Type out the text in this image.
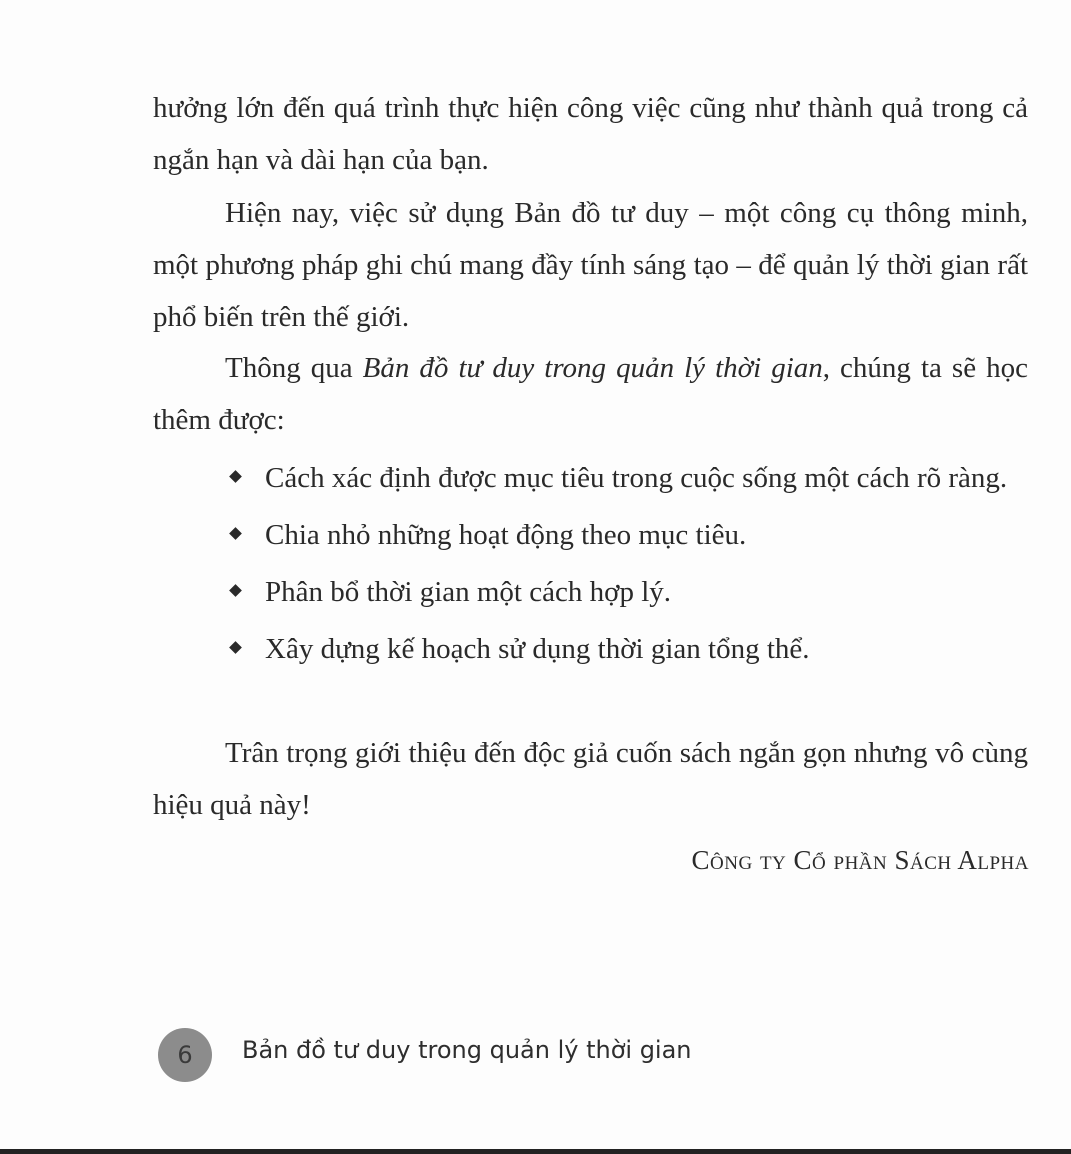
hưởng lớn đến quá trình thực hiện công việc cũng như thành quả trong cả ngắn hạn và dài hạn của bạn.

Hiện nay, việc sử dụng Bản đồ tư duy – một công cụ thông minh, một phương pháp ghi chú mang đầy tính sáng tạo – để quản lý thời gian rất phổ biến trên thế giới.

Thông qua Bản đồ tư duy trong quản lý thời gian, chúng ta sẽ học thêm được:

Cách xác định được mục tiêu trong cuộc sống một cách rõ ràng.
Chia nhỏ những hoạt động theo mục tiêu.
Phân bổ thời gian một cách hợp lý.
Xây dựng kế hoạch sử dụng thời gian tổng thể.

Trân trọng giới thiệu đến độc giả cuốn sách ngắn gọn nhưng vô cùng hiệu quả này!

Công ty Cổ phần Sách Alpha

6	Bản đồ tư duy trong quản lý thời gian
